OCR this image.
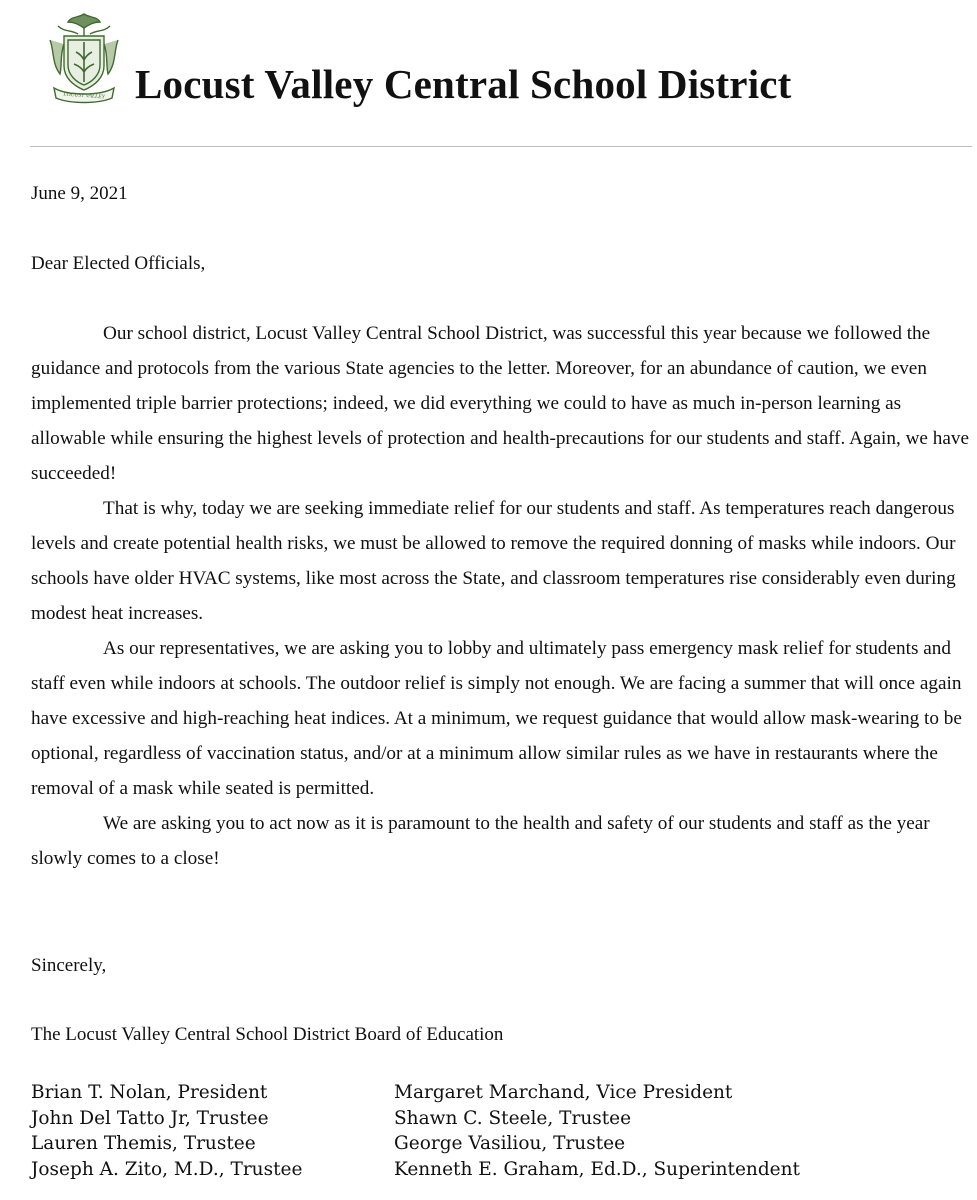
LOCUST VALLEY Locust Valley Central School District
June 9, 2021
Dear Elected Officials,

Our school district, Locust Valley Central School District, was successful this year because we followed the guidance and protocols from the various State agencies to the letter. Moreover, for an abundance of caution, we even implemented triple barrier protections; indeed, we did everything we could to have as much in-person learning as allowable while ensuring the highest levels of protection and health-precautions for our students and staff. Again, we have succeeded!

That is why, today we are seeking immediate relief for our students and staff. As temperatures reach dangerous levels and create potential health risks, we must be allowed to remove the required donning of masks while indoors. Our schools have older HVAC systems, like most across the State, and classroom temperatures rise considerably even during modest heat increases.

As our representatives, we are asking you to lobby and ultimately pass emergency mask relief for students and staff even while indoors at schools. The outdoor relief is simply not enough. We are facing a summer that will once again have excessive and high-reaching heat indices. At a minimum, we request guidance that would allow mask-wearing to be optional, regardless of vaccination status, and/or at a minimum allow similar rules as we have in restaurants where the removal of a mask while seated is permitted.

We are asking you to act now as it is paramount to the health and safety of our students and staff as the year slowly comes to a close!

Sincerely,
The Locust Valley Central School District Board of Education
Brian T. Nolan, President	Margaret Marchand, Vice President
John Del Tatto Jr, Trustee	Shawn C. Steele, Trustee
Lauren Themis, Trustee	George Vasiliou, Trustee
Joseph A. Zito, M.D., Trustee	Kenneth E. Graham, Ed.D., Superintendent
